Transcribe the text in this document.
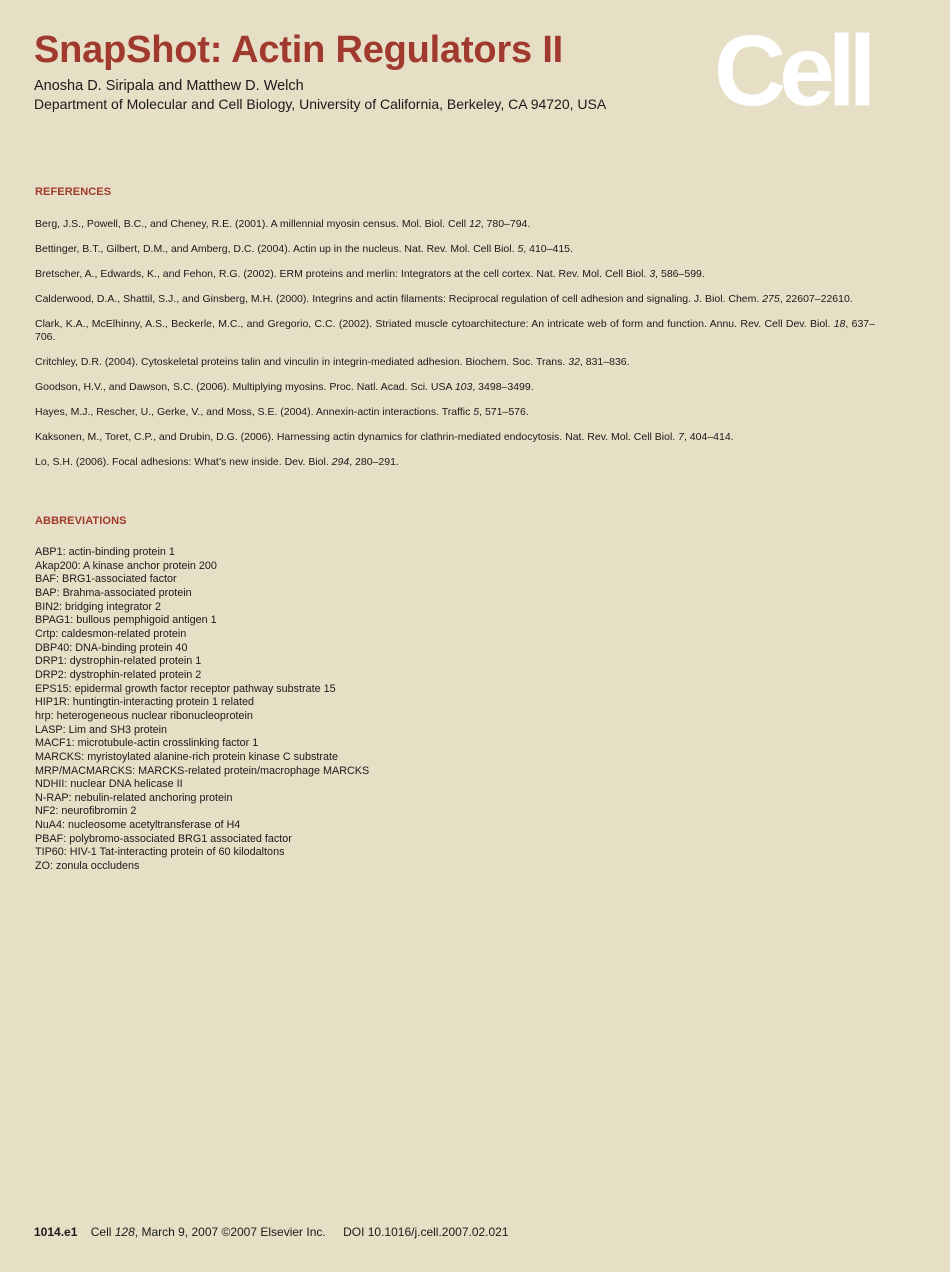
SnapShot: Actin Regulators II
Anosha D. Siripala and Matthew D. Welch
Department of Molecular and Cell Biology, University of California, Berkeley, CA 94720, USA Cell
REFERENCES
Berg, J.S., Powell, B.C., and Cheney, R.E. (2001). A millennial myosin census. Mol. Biol. Cell 12, 780–794.
Bettinger, B.T., Gilbert, D.M., and Amberg, D.C. (2004). Actin up in the nucleus. Nat. Rev. Mol. Cell Biol. 5, 410–415.
Bretscher, A., Edwards, K., and Fehon, R.G. (2002). ERM proteins and merlin: Integrators at the cell cortex. Nat. Rev. Mol. Cell Biol. 3, 586–599.
Calderwood, D.A., Shattil, S.J., and Ginsberg, M.H. (2000). Integrins and actin filaments: Reciprocal regulation of cell adhesion and signaling. J. Biol. Chem. 275, 22607–22610.
Clark, K.A., McElhinny, A.S., Beckerle, M.C., and Gregorio, C.C. (2002). Striated muscle cytoarchitecture: An intricate web of form and function. Annu. Rev. Cell Dev. Biol. 18, 637–706.
Critchley, D.R. (2004). Cytoskeletal proteins talin and vinculin in integrin-mediated adhesion. Biochem. Soc. Trans. 32, 831–836.
Goodson, H.V., and Dawson, S.C. (2006). Multiplying myosins. Proc. Natl. Acad. Sci. USA 103, 3498–3499.
Hayes, M.J., Rescher, U., Gerke, V., and Moss, S.E. (2004). Annexin-actin interactions. Traffic 5, 571–576.
Kaksonen, M., Toret, C.P., and Drubin, D.G. (2006). Harnessing actin dynamics for clathrin-mediated endocytosis. Nat. Rev. Mol. Cell Biol. 7, 404–414.
Lo, S.H. (2006). Focal adhesions: What’s new inside. Dev. Biol. 294, 280–291.
ABBREVIATIONS
ABP1: actin-binding protein 1
Akap200: A kinase anchor protein 200
BAF: BRG1-associated factor
BAP: Brahma-associated protein
BIN2: bridging integrator 2
BPAG1: bullous pemphigoid antigen 1
Crtp: caldesmon-related protein
DBP40: DNA-binding protein 40
DRP1: dystrophin-related protein 1
DRP2: dystrophin-related protein 2
EPS15: epidermal growth factor receptor pathway substrate 15
HIP1R: huntingtin-interacting protein 1 related
hrp: heterogeneous nuclear ribonucleoprotein
LASP: Lim and SH3 protein
MACF1: microtubule-actin crosslinking factor 1
MARCKS: myristoylated alanine-rich protein kinase C substrate
MRP/MACMARCKS: MARCKS-related protein/macrophage MARCKS
NDHII: nuclear DNA helicase II
N-RAP: nebulin-related anchoring protein
NF2: neurofibromin 2
NuA4: nucleosome acetyltransferase of H4
PBAF: polybromo-associated BRG1 associated factor
TIP60: HIV-1 Tat-interacting protein of 60 kilodaltons
ZO: zonula occludens
1014.e1 Cell 128, March 9, 2007 ©2007 Elsevier Inc. DOI 10.1016/j.cell.2007.02.021
